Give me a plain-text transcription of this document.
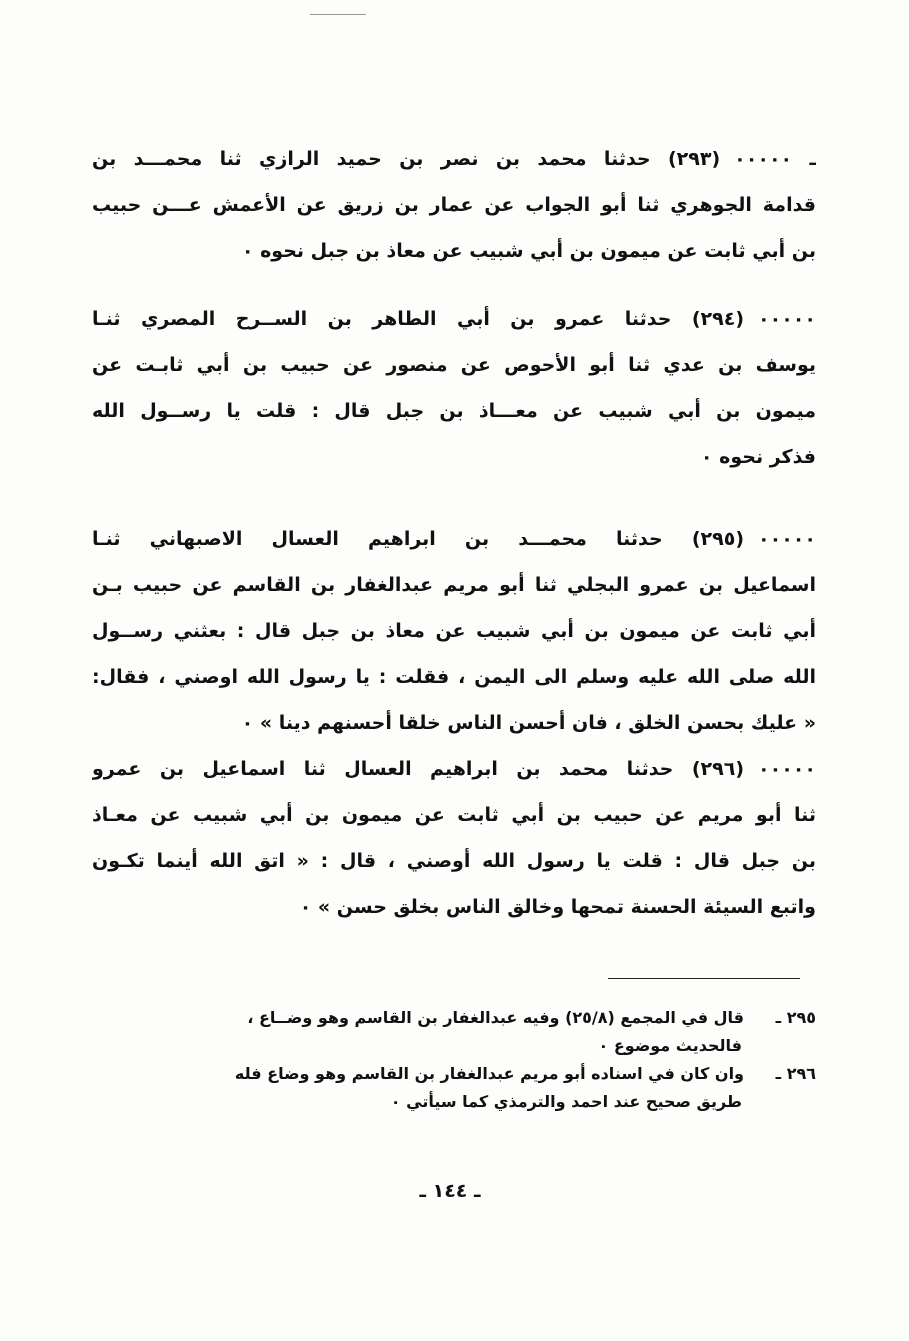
ـ ٠٠٠٠٠(٢٩٣) حدثنا محمد بن نصر بن حميد الرازي ثنا محمـــد بن
قدامة الجوهري ثنا أبو الجواب عن عمار بن زريق عن الأعمش عـــن حبيب
بن أبي ثابت عن ميمون بن أبي شبيب عن معاذ بن جبل نحوه ٠
٠٠٠٠٠(٢٩٤) حدثنا عمرو بن أبي الطاهر بن الســرح المصري ثنـا
يوسف بن عدي ثنا أبو الأحوص عن منصور عن حبيب بن أبي ثابـت عن
ميمون بن أبي شبيب عن معـــاذ بن جبل قال : قلت يا رســول الله
فذكر نحوه ٠
٠٠٠٠٠(٢٩٥) حدثنا محمـــد بن ابراهيم العسال الاصبهاني ثنـا
اسماعيل بن عمرو البجلي ثنا أبو مريم عبدالغفار بن القاسم عن حبيب بـن
أبي ثابت عن ميمون بن أبي شبيب عن معاذ بن جبل قال : بعثني رســول
الله صلى الله عليه وسلم الى اليمن ، فقلت : يا رسول الله اوصني ، فقال:
« عليك بحسن الخلق ، فان أحسن الناس خلقا أحسنهم دينا » ٠
٠٠٠٠٠(٢٩٦) حدثنا محمد بن ابراهيم العسال ثنا اسماعيل بن عمرو
ثنا أبو مريم عن حبيب بن أبي ثابت عن ميمون بن أبي شبيب عن معـاذ
بن جبل قال : قلت يا رسول الله أوصني ، قال : « اتق الله أينما تكـون
واتبع السيئة الحسنة تمحها وخالق الناس بخلق حسن » ٠
٢٩٥ ـقال في المجمع (٢٥/٨) وفيه عبدالغفار بن القاسم وهو وضــاع ،
فالحديث موضوع ٠
٢٩٦ ـوان كان في اسناده أبو مريم عبدالغفار بن القاسم وهو وضاع فله
طريق صحيح عند احمد والترمذي كما سيأتي ٠
ـ ١٤٤ ـ
